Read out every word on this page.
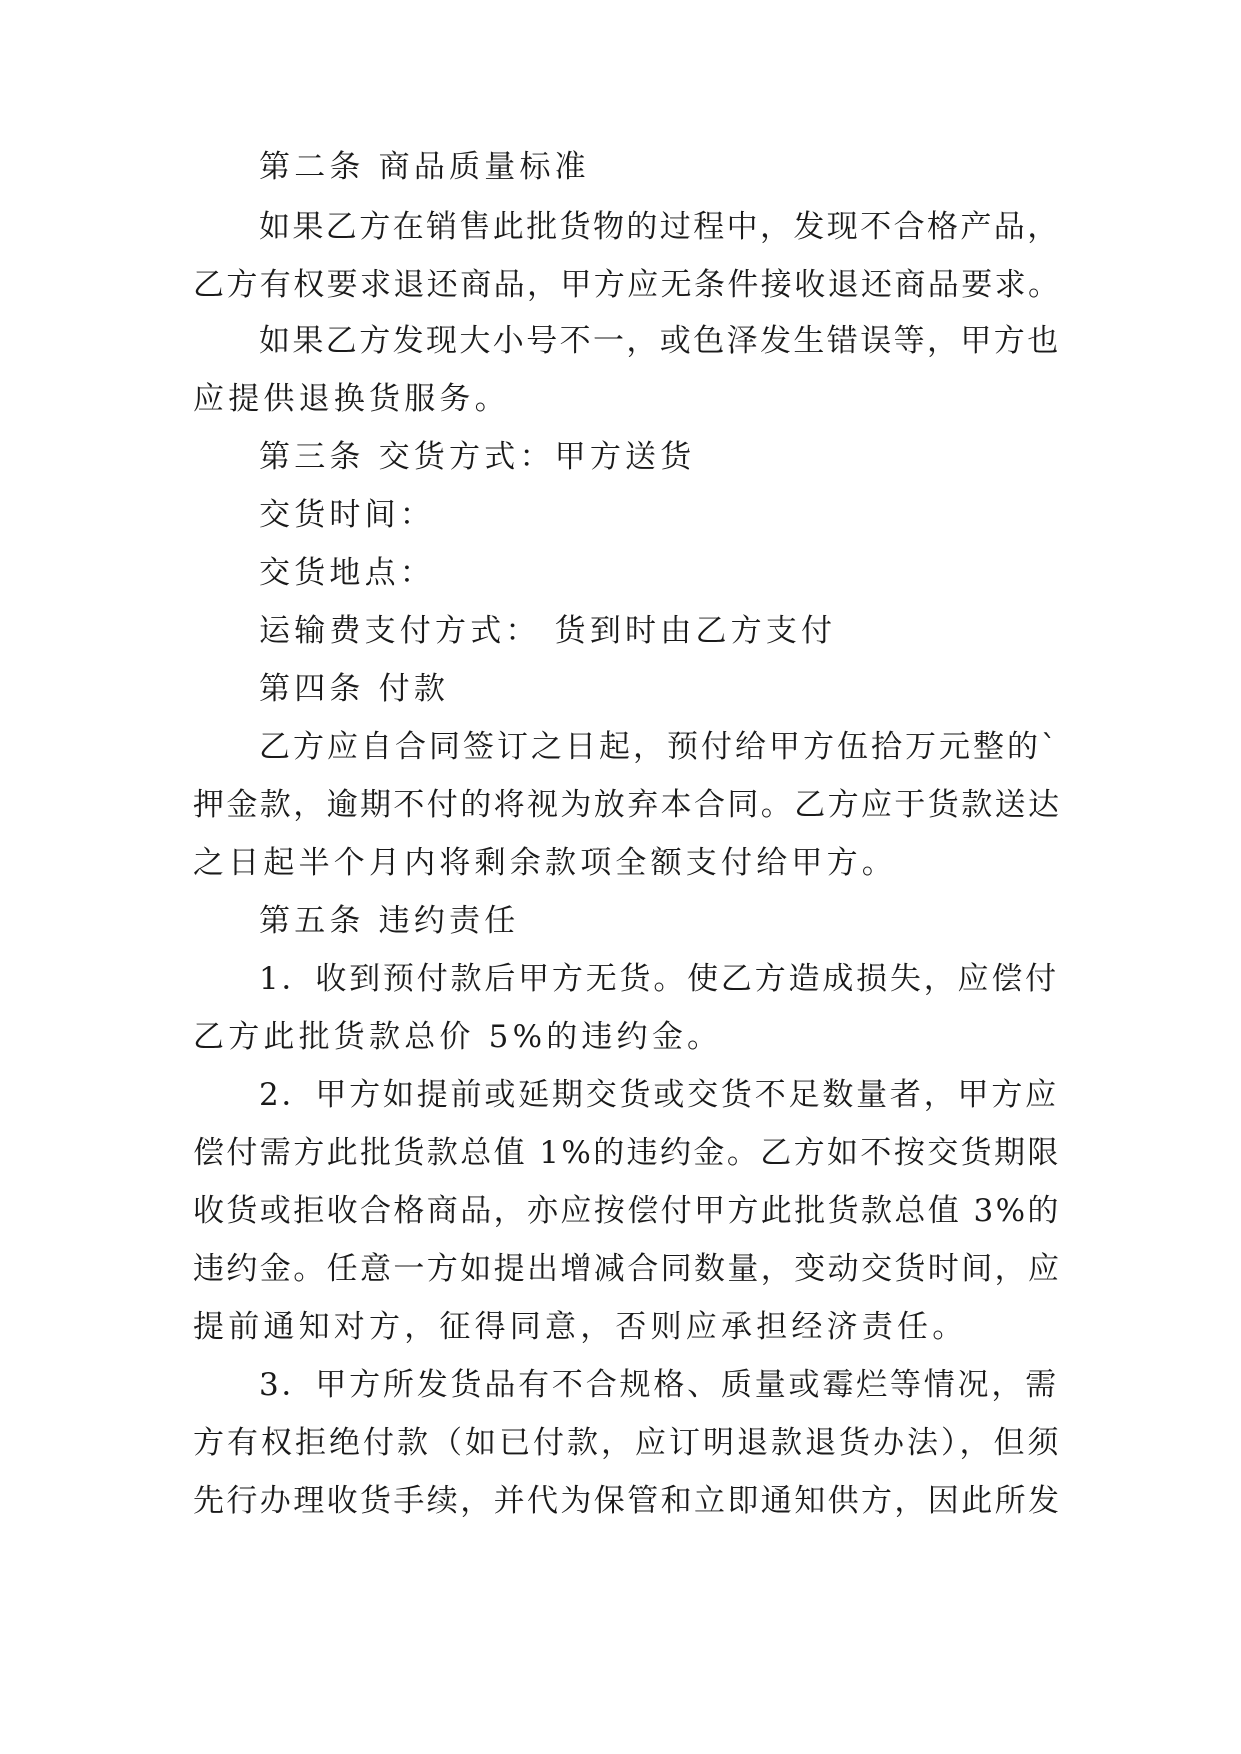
第二条 商品质量标准
如果乙方在销售此批货物的过程中，发现不合格产品，
乙方有权要求退还商品，甲方应无条件接收退还商品要求。
如果乙方发现大小号不一，或色泽发生错误等，甲方也
应提供退换货服务。
第三条 交货方式：甲方送货
交货时间：
交货地点：
运输费支付方式： 货到时由乙方支付
第四条 付款
乙方应自合同签订之日起，预付给甲方伍拾万元整的`
押金款，逾期不付的将视为放弃本合同。乙方应于货款送达
之日起半个月内将剩余款项全额支付给甲方。
第五条 违约责任
1．收到预付款后甲方无货。使乙方造成损失，应偿付
乙方此批货款总价 5%的违约金。
2．甲方如提前或延期交货或交货不足数量者，甲方应
偿付需方此批货款总值 1%的违约金。乙方如不按交货期限
收货或拒收合格商品，亦应按偿付甲方此批货款总值 3%的
违约金。任意一方如提出增减合同数量，变动交货时间，应
提前通知对方，征得同意，否则应承担经济责任。
3．甲方所发货品有不合规格、质量或霉烂等情况，需
方有权拒绝付款（如已付款，应订明退款退货办法），但须
先行办理收货手续，并代为保管和立即通知供方，因此所发
